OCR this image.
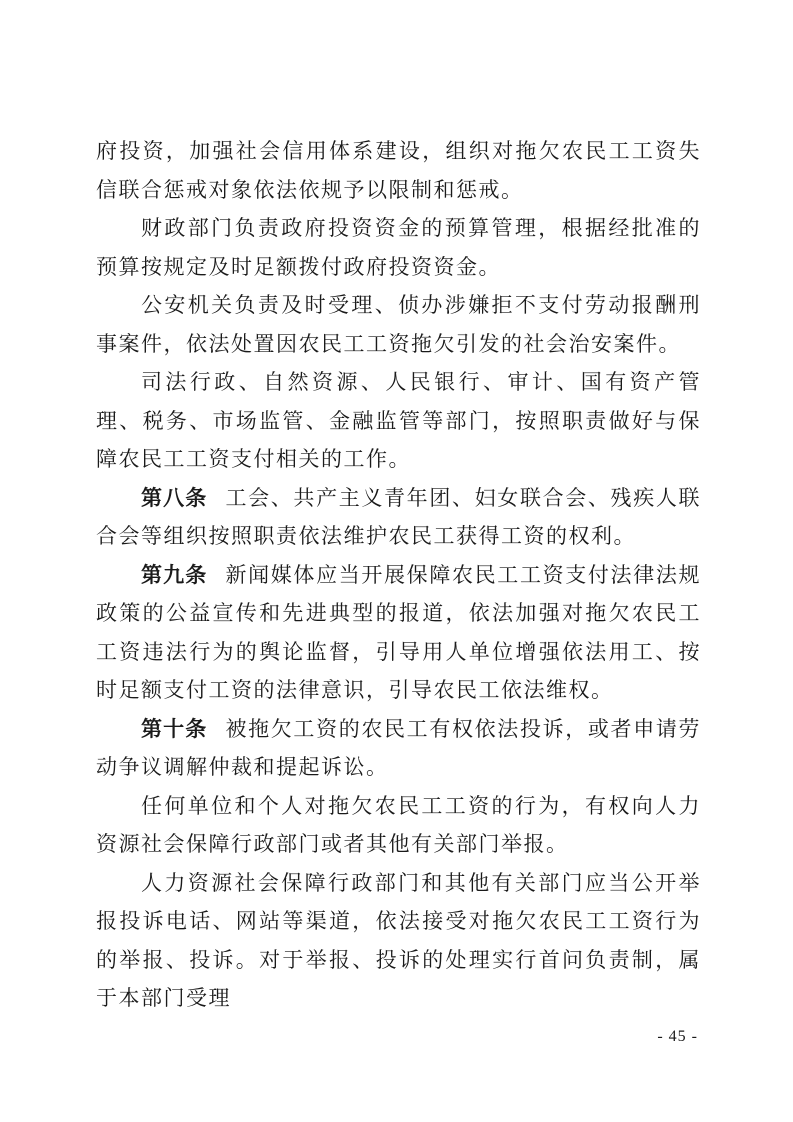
府投资，加强社会信用体系建设，组织对拖欠农民工工资失信联合惩戒对象依法依规予以限制和惩戒。

财政部门负责政府投资资金的预算管理，根据经批准的预算按规定及时足额拨付政府投资资金。

公安机关负责及时受理、侦办涉嫌拒不支付劳动报酬刑事案件，依法处置因农民工工资拖欠引发的社会治安案件。

司法行政、自然资源、人民银行、审计、国有资产管理、税务、市场监管、金融监管等部门，按照职责做好与保障农民工工资支付相关的工作。

第八条 工会、共产主义青年团、妇女联合会、残疾人联合会等组织按照职责依法维护农民工获得工资的权利。

第九条 新闻媒体应当开展保障农民工工资支付法律法规政策的公益宣传和先进典型的报道，依法加强对拖欠农民工工资违法行为的舆论监督，引导用人单位增强依法用工、按时足额支付工资的法律意识，引导农民工依法维权。

第十条 被拖欠工资的农民工有权依法投诉，或者申请劳动争议调解仲裁和提起诉讼。

任何单位和个人对拖欠农民工工资的行为，有权向人力资源社会保障行政部门或者其他有关部门举报。

人力资源社会保障行政部门和其他有关部门应当公开举报投诉电话、网站等渠道，依法接受对拖欠农民工工资行为的举报、投诉。对于举报、投诉的处理实行首问负责制，属于本部门受理

- 45 -
